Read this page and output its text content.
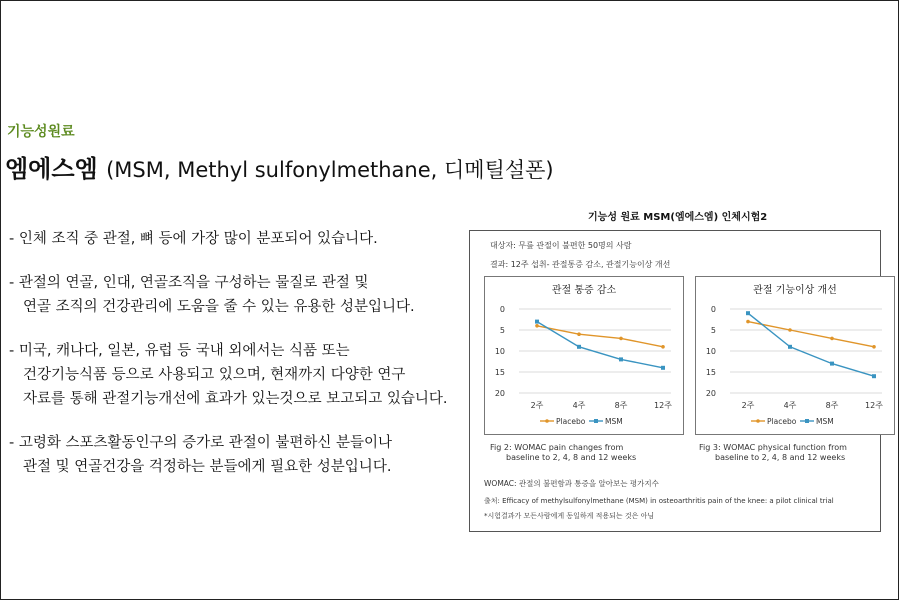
기능성원료
엠에스엠 (MSM, Methyl sulfonylmethane, 디메틸설폰)
- 인체 조직 중 관절, 뼈 등에 가장 많이 분포되어 있습니다.
- 관절의 연골, 인대, 연골조직을 구성하는 물질로 관절 및
연골 조직의 건강관리에 도움을 줄 수 있는 유용한 성분입니다.
- 미국, 캐나다, 일본, 유럽 등 국내 외에서는 식품 또는
건강기능식품 등으로 사용되고 있으며, 현재까지 다양한 연구
자료를 통해 관절기능개선에 효과가 있는것으로 보고되고 있습니다.
- 고령화 스포츠활동인구의 증가로 관절이 불편하신 분들이나
관절 및 연골건강을 걱정하는 분들에게 필요한 성분입니다.
기능성 원료 MSM(엠에스엠) 인체시험2
대상자: 무릎 관절이 불편한 50명의 사람
결과: 12주 섭취- 관절통증 감소, 관절기능이상 개선
관절 통증 감소
0
5
10
15
20
2주	4주	8주	12주
Placebo	MSM
관절 기능이상 개선
0
5
10
15
20
2주	4주	8주	12주
Placebo	MSM
Fig 2: WOMAC pain changes from
baseline to 2, 4, 8 and 12 weeks
Fig 3: WOMAC physical function from
baseline to 2, 4, 8 and 12 weeks
WOMAC: 관절의 불편함과 통증을 알아보는 평가지수
출처: Efficacy of methylsulfonylmethane (MSM) in osteoarthritis pain of the knee: a pilot clinical trial
*시험결과가 모든사람에게 동일하게 적용되는 것은 아님
